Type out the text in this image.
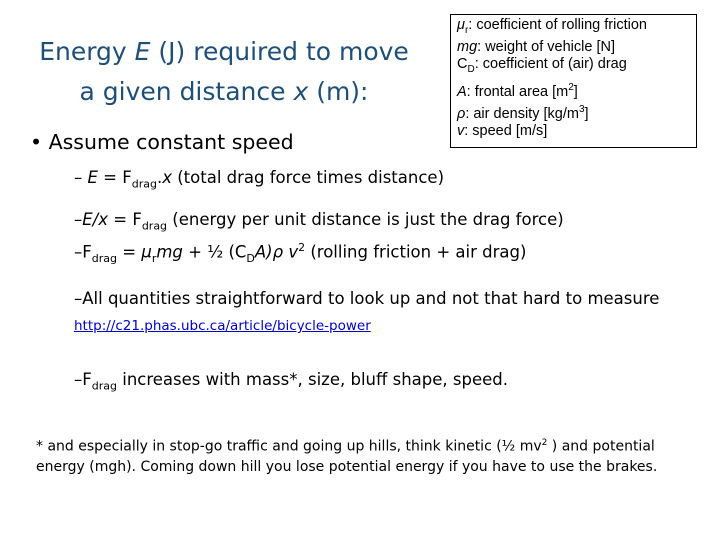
Energy E (J) required to move
a given distance x (m):
$\mu_r$: coefficient of rolling friction
mg: weight of vehicle [N]
$C_D$: coefficient of (air) drag
A: frontal area $[m^2]$
ρ: air density $[kg/m^3]$
v: speed [m/s]
• Assume constant speed
– $E = F_{drag}.x$ (total drag force times distance)
$-E/x = F_{drag}$ (energy per unit distance is just the drag force)
$-F_{drag} = \mu_rmg$ + ½ $(C_DA)\rho$ $v^2$ (rolling friction + air drag)
–All quantities straightforward to look up and not that hard to measure
http://c21.phas.ubc.ca/article/bicycle-power
$-F_{drag}$ increases with mass*, size, bluff shape, speed.
* and especially in stop-go traffic and going up hills, think kinetic (½ $mv^2$ ) and potential energy (mgh). Coming down hill you lose potential energy if you have to use the brakes.
